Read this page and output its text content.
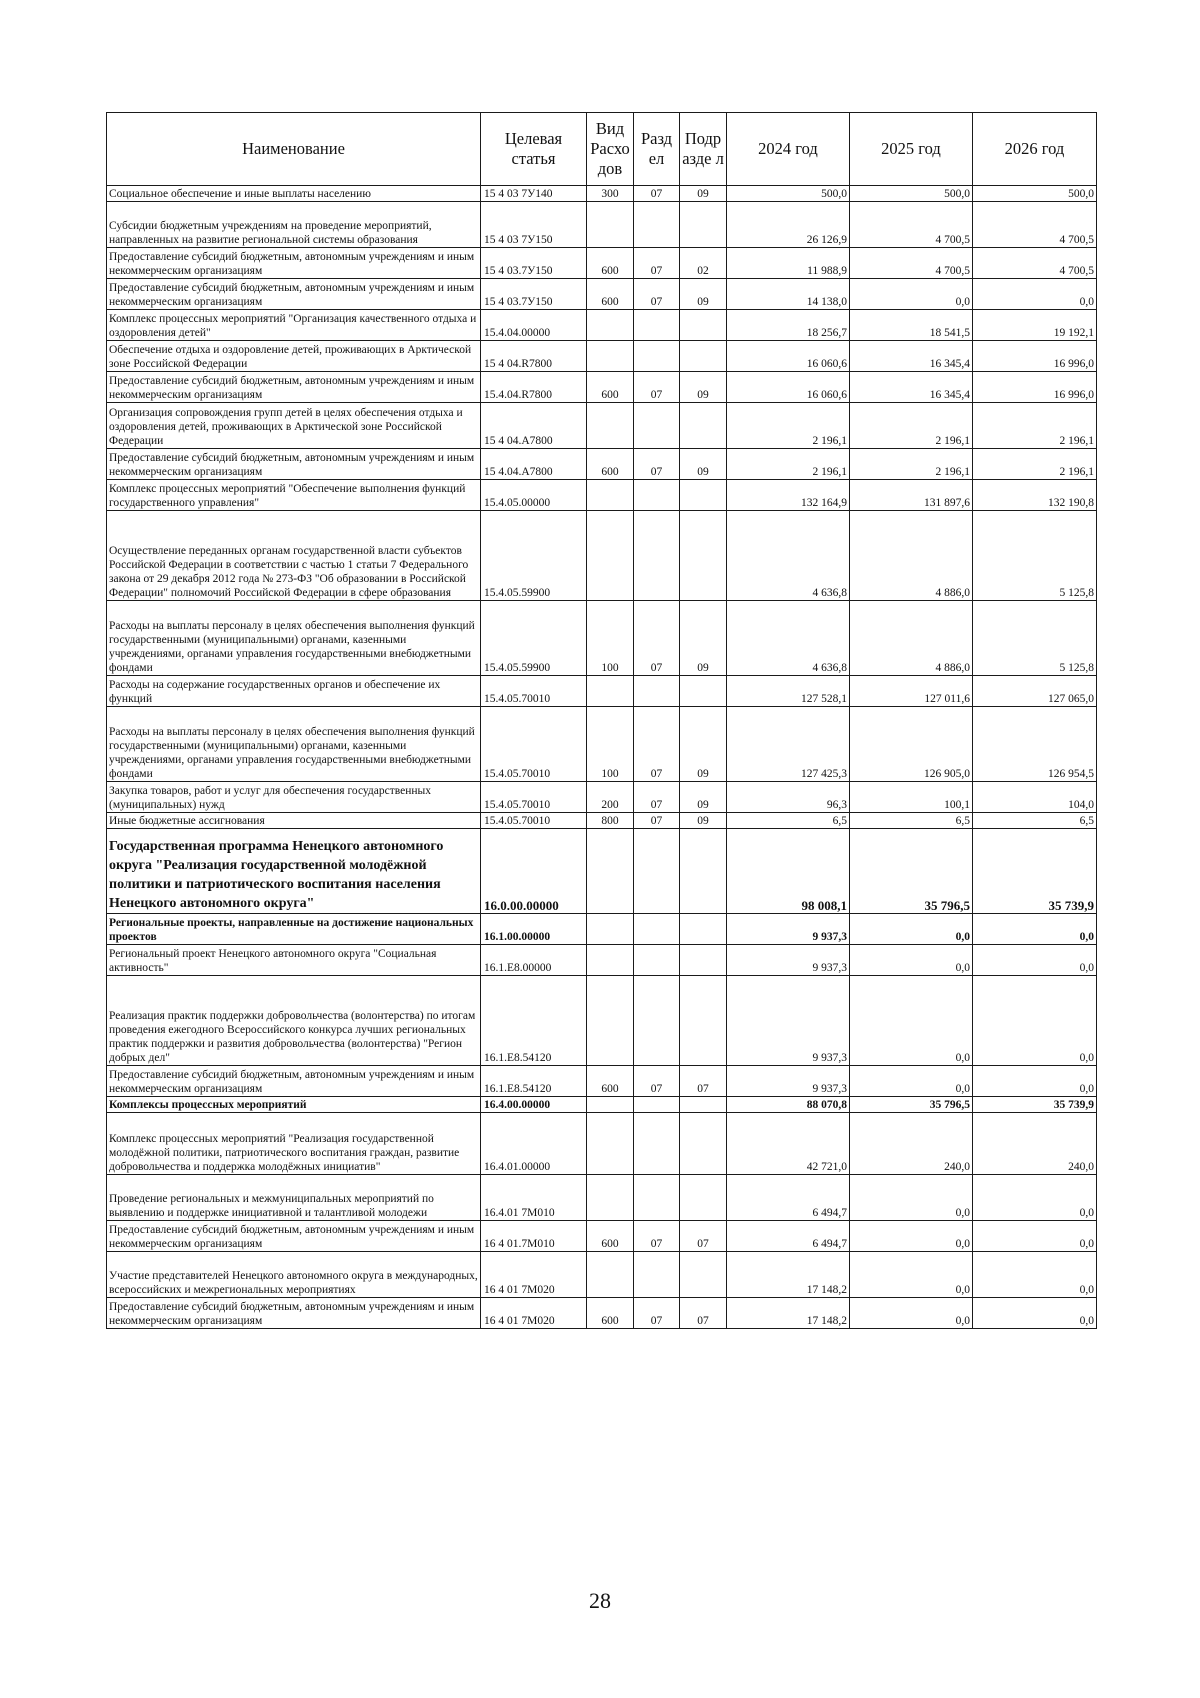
Наименование	Целевая статья	Вид Расхо дов	Разд ел	Подр азде л	2024 год	2025 год	2026 год
Социальное обеспечение и иные выплаты населению	15 4 03 7У140	300	07	09	500,0	500,0	500,0
Субсидии бюджетным учреждениям на проведение мероприятий, направленных на развитие региональной системы образования	15 4 03 7У150				26 126,9	4 700,5	4 700,5
Предоставление субсидий бюджетным, автономным учреждениям и иным некоммерческим организациям	15 4 03.7У150	600	07	02	11 988,9	4 700,5	4 700,5
Предоставление субсидий бюджетным, автономным учреждениям и иным некоммерческим организациям	15 4 03.7У150	600	07	09	14 138,0	0,0	0,0
Комплекс процессных мероприятий "Организация качественного отдыха и оздоровления детей"	15.4.04.00000				18 256,7	18 541,5	19 192,1
Обеспечение отдыха и оздоровление детей, проживающих в Арктической зоне Российской Федерации	15 4 04.R7800				16 060,6	16 345,4	16 996,0
Предоставление субсидий бюджетным, автономным учреждениям и иным некоммерческим организациям	15.4.04.R7800	600	07	09	16 060,6	16 345,4	16 996,0
Организация сопровождения групп детей в целях обеспечения отдыха и оздоровления детей, проживающих в Арктической зоне Российской Федерации	15 4 04.А7800				2 196,1	2 196,1	2 196,1
Предоставление субсидий бюджетным, автономным учреждениям и иным некоммерческим организациям	15 4.04.А7800	600	07	09	2 196,1	2 196,1	2 196,1
Комплекс процессных мероприятий "Обеспечение выполнения функций государственного управления"	15.4.05.00000				132 164,9	131 897,6	132 190,8
Осуществление переданных органам государственной власти субъектов Российской Федерации в соответствии с частью 1 статьи 7 Федерального закона от 29 декабря 2012 года № 273-ФЗ "Об образовании в Российской Федерации" полномочий Российской Федерации в сфере образования	15.4.05.59900				4 636,8	4 886,0	5 125,8
Расходы на выплаты персоналу в целях обеспечения выполнения функций государственными (муниципальными) органами, казенными учреждениями, органами управления государственными внебюджетными фондами	15.4.05.59900	100	07	09	4 636,8	4 886,0	5 125,8
Расходы на содержание государственных органов и обеспечение их функций	15.4.05.70010				127 528,1	127 011,6	127 065,0
Расходы на выплаты персоналу в целях обеспечения выполнения функций государственными (муниципальными) органами, казенными учреждениями, органами управления государственными внебюджетными фондами	15.4.05.70010	100	07	09	127 425,3	126 905,0	126 954,5
Закупка товаров, работ и услуг для обеспечения государственных (муниципальных) нужд	15.4.05.70010	200	07	09	96,3	100,1	104,0
Иные бюджетные ассигнования	15.4.05.70010	800	07	09	6,5	6,5	6,5
Государственная программа Ненецкого автономного округа "Реализация государственной молодёжной политики и патриотического воспитания населения Ненецкого автономного округа"	16.0.00.00000				98 008,1	35 796,5	35 739,9
Региональные проекты, направленные на достижение национальных проектов	16.1.00.00000				9 937,3	0,0	0,0
Региональный проект Ненецкого автономного округа "Социальная активность"	16.1.Е8.00000				9 937,3	0,0	0,0
Реализация практик поддержки добровольчества (волонтерства) по итогам проведения ежегодного Всероссийского конкурса лучших региональных практик поддержки и развития добровольчества (волонтерства) "Регион добрых дел"	16.1.Е8.54120				9 937,3	0,0	0,0
Предоставление субсидий бюджетным, автономным учреждениям и иным некоммерческим организациям	16.1.Е8.54120	600	07	07	9 937,3	0,0	0,0
Комплексы процессных мероприятий	16.4.00.00000				88 070,8	35 796,5	35 739,9
Комплекс процессных мероприятий "Реализация государственной молодёжной политики, патриотического воспитания граждан, развитие добровольчества и поддержка молодёжных инициатив"	16.4.01.00000				42 721,0	240,0	240,0
Проведение региональных и межмуниципальных мероприятий по выявлению и поддержке инициативной и талантливой молодежи	16.4.01 7М010				6 494,7	0,0	0,0
Предоставление субсидий бюджетным, автономным учреждениям и иным некоммерческим организациям	16 4 01.7М010	600	07	07	6 494,7	0,0	0,0
Участие представителей Ненецкого автономного округа в международных, всероссийских и межрегиональных мероприятиях	16 4 01 7М020				17 148,2	0,0	0,0
Предоставление субсидий бюджетным, автономным учреждениям и иным некоммерческим организациям	16 4 01 7М020	600	07	07	17 148,2	0,0	0,0
28
